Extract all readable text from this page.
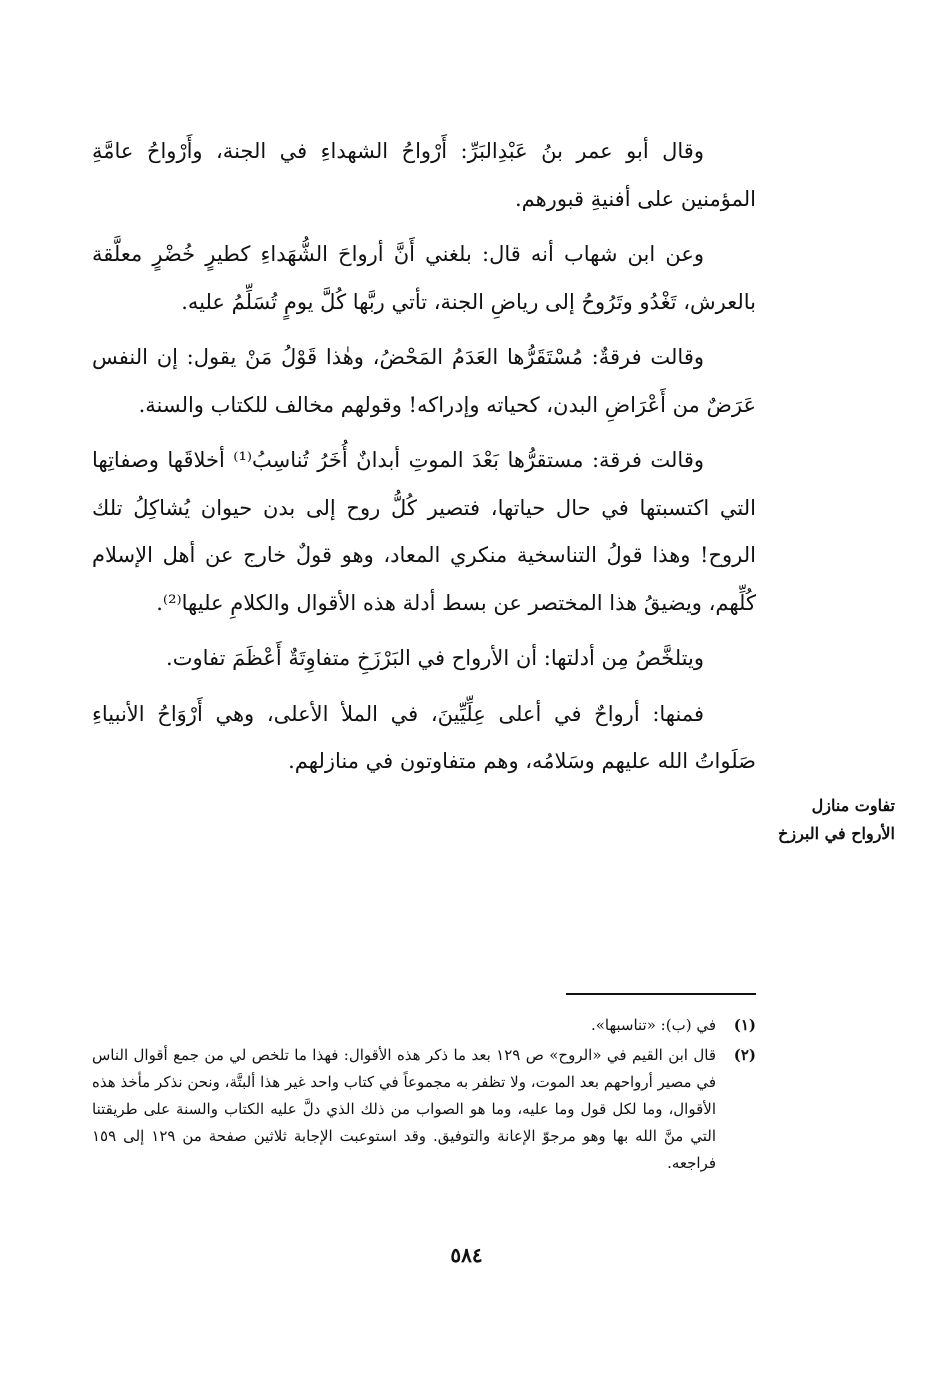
وقال أبو عمر بنُ عَبْدِالبَرِّ: أَرْواحُ الشهداءِ في الجنة، وأَرْواحُ عامَّةِ المؤمنين على أفنيةِ قبورهم.

وعن ابن شهاب أنه قال: بلغني أَنَّ أرواحَ الشُّهَداءِ كطيرٍ خُضْرٍ معلَّقة بالعرش، تَغْدُو وتَرُوحُ إلى رياضِ الجنة، تأتي ربَّها كُلَّ يومٍ تُسَلِّمُ عليه.

وقالت فرقةٌ: مُسْتَقَرُّها العَدَمُ المَحْضُ، وهٰذا قَوْلُ مَنْ يقول: إن النفس عَرَضٌ من أَعْرَاضِ البدن، كحياته وإدراكه! وقولهم مخالف للكتاب والسنة.

وقالت فرقة: مستقرُّها بَعْدَ الموتِ أبدانٌ أُخَرُ تُناسِبُ⁽¹⁾ أخلاقَها وصفاتِها التي اكتسبتها في حال حياتها، فتصير كُلُّ روح إلى بدن حيوان يُشاكِلُ تلك الروح! وهذا قولُ التناسخية منكري المعاد، وهو قولٌ خارج عن أهل الإسلام كُلِّهم، ويضيقُ هذا المختصر عن بسط أدلة هذه الأقوال والكلامِ عليها⁽²⁾.

ويتلخَّصُ مِن أدلتها: أن الأرواح في البَرْزَخِ متفاوِتَةٌ أَعْظَمَ تفاوت.

فمنها: أرواحٌ في أعلى عِلِّيِّينَ، في الملأ الأعلى، وهي أَرْوَاحُ الأنبياءِ صَلَواتُ الله عليهم وسَلامُه، وهم متفاوتون في منازلهم.

تفاوت منازل
الأرواح في البرزخ

(١)في (ب): «تناسبها».

(٢)قال ابن القيم في «الروح» ص ١٢٩ بعد ما ذكر هذه الأقوال: فهذا ما تلخص لي من جمع أقوال الناس في مصير أرواحهم بعد الموت، ولا تظفر به مجموعاً في كتاب واحد غير هذا ألبتَّة، ونحن نذكر مأخذ هذه الأقوال، وما لكل قول وما عليه، وما هو الصواب من ذلك الذي دلَّ عليه الكتاب والسنة على طريقتنا التي منَّ الله بها وهو مرجوّ الإعانة والتوفيق. وقد استوعبت الإجابة ثلاثين صفحة من ١٢٩ إلى ١٥٩ فراجعه.

٥٨٤
